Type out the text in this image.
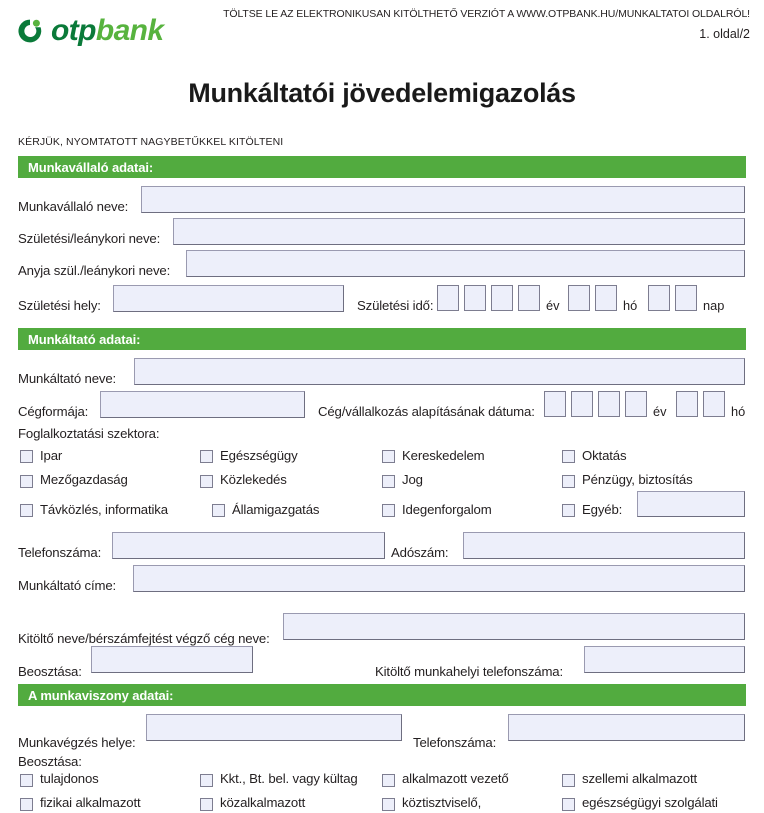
otpbank	TÖLTSE LE AZ ELEKTRONIKUSAN KITÖLTHETŐ VERZIÓT A WWW.OTPBANK.HU/MUNKALTATOI OLDALRÓL!
1. oldal/2
Munkáltatói jövedelemigazolás
KÉRJÜK, NYOMTATOTT NAGYBETŰKKEL KITÖLTENI
Munkavállaló adatai:
Munkavállaló neve:
Születési/leánykori neve:
Anyja szül./leánykori neve:
Születési hely:	Születési idő:	év	hó	nap
Munkáltató adatai:
Munkáltató neve:
Cégformája:	Cég/vállalkozás alapításának dátuma:	év	hó
Foglalkoztatási szektora:
Ipar	Egészségügy	Kereskedelem	Oktatás
Mezőgazdaság	Közlekedés	Jog	Pénzügy, biztosítás
Távközlés, informatika	Államigazgatás	Idegenforgalom	Egyéb:
Telefonszáma:	Adószám:
Munkáltató címe:
Kitöltő neve/bérszámfejtést végző cég neve:
Beosztása:	Kitöltő munkahelyi telefonszáma:
A munkaviszony adatai:
Munkavégzés helye:	Telefonszáma:
Beosztása:
tulajdonos	Kkt., Bt. bel. vagy kültag	alkalmazott vezető	szellemi alkalmazott
fizikai alkalmazott	közalkalmazott	köztisztviselő,	egészségügyi szolgálati
